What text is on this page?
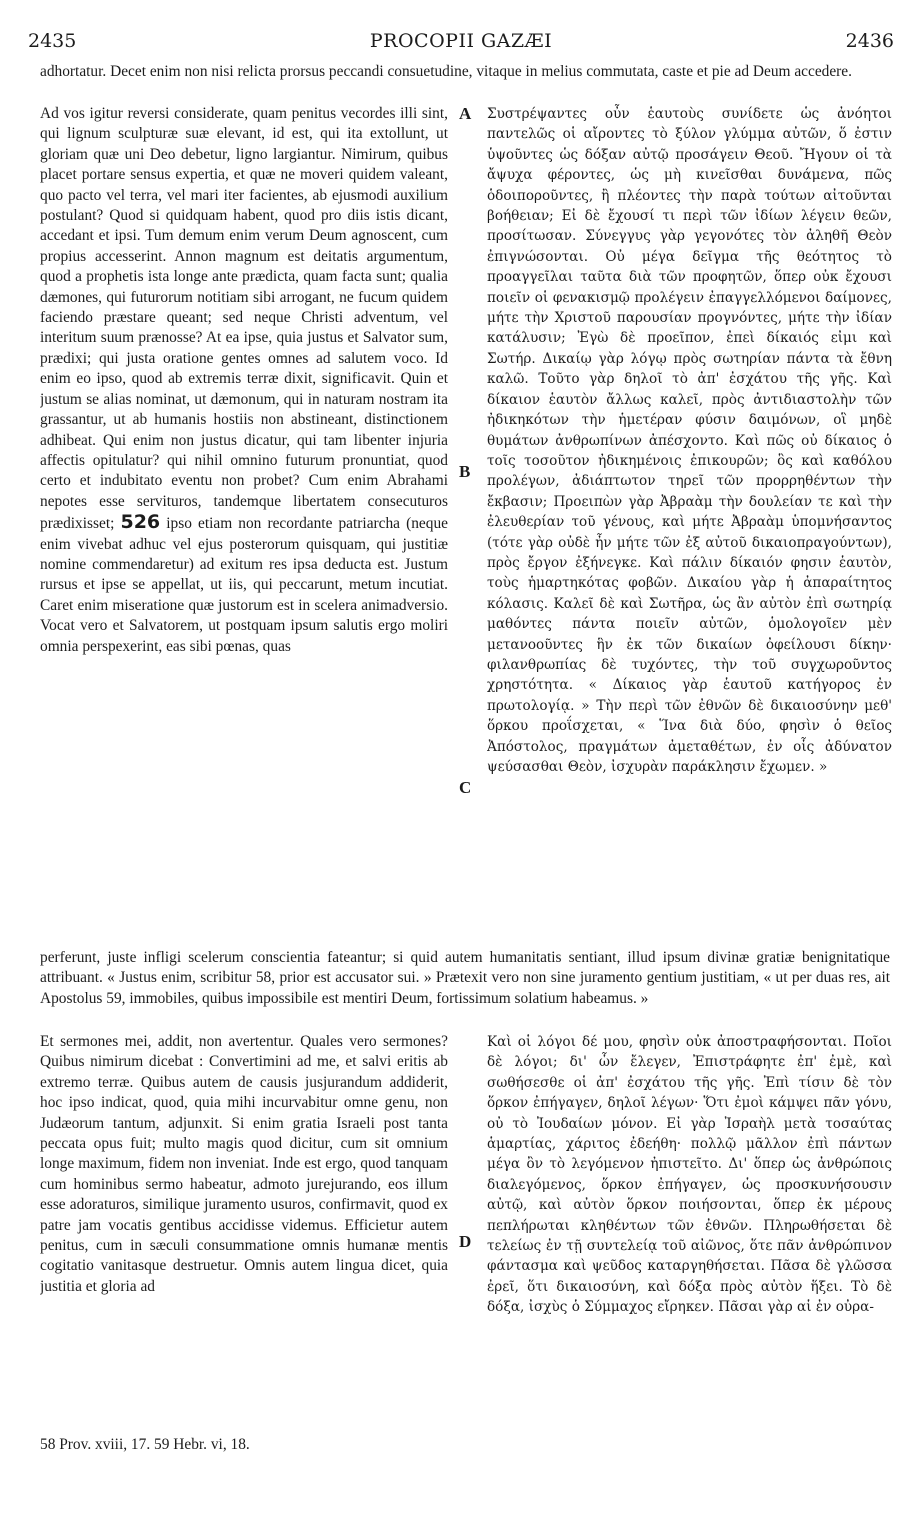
2435	PROCOPII GAZÆI	2436

adhortatur. Decet enim non nisi relicta prorsus peccandi consuetudine, vitaque in melius commutata, caste et pie ad Deum accedere.

Ad vos igitur reversi considerate, quam penitus vecordes illi sint, qui lignum sculpturæ suæ elevant, id est, qui ita extollunt, ut gloriam quæ uni Deo debetur, ligno largiantur. Nimirum, quibus placet portare sensus expertia, et quæ ne moveri quidem valeant, quo pacto vel terra, vel mari iter facientes, ab ejusmodi auxilium postulant? Quod si quidquam habent, quod pro diis istis dicant, accedant et ipsi. Tum demum enim verum Deum agnoscent, cum propius accesserint. Annon magnum est deitatis argumentum, quod a prophetis ista longe ante prædicta, quam facta sunt; qualia dæmones, qui futurorum notitiam sibi arrogant, ne fucum quidem faciendo præstare queant; sed neque Christi adventum, vel interitum suum prænosse? At ea ipse, quia justus et Salvator sum, prædixi; qui justa oratione gentes omnes ad salutem voco. Id enim eo ipso, quod ab extremis terræ dixit, significavit. Quin et justum se alias nominat, ut dæmonum, qui in naturam nostram ita grassantur, ut ab humanis hostiis non abstineant, distinctionem adhibeat. Qui enim non justus dicatur, qui tam libenter injuria affectis opitulatur? qui nihil omnino futurum pronuntiat, quod certo et indubitato eventu non probet? Cum enim Abrahami nepotes esse servituros, tandemque libertatem consecuturos prædixisset; 526 ipso etiam non recordante patriarcha (neque enim vivebat adhuc vel ejus posterorum quisquam, qui justitiæ nomine commendaretur) ad exitum res ipsa deducta est. Justum rursus et ipse se appellat, ut iis, qui peccarunt, metum incutiat. Caret enim miseratione quæ justorum est in scelera animadversio. Vocat vero et Salvatorem, ut postquam ipsum salutis ergo moliri omnia perspexerint, eas sibi pœnas, quas

A
B
C
D

Συστρέψαντες οὖν ἑαυτοὺς συνίδετε ὡς ἀνόητοι παντελῶς οἱ αἴροντες τὸ ξύλον γλύμμα αὐτῶν, ὅ ἐστιν ὑψοῦντες ὡς δόξαν αὐτῷ προσάγειν Θεοῦ. Ἤγουν οἱ τὰ ἄψυχα φέροντες, ὡς μὴ κινεῖσθαι δυνάμενα, πῶς ὁδοιποροῦντες, ἢ πλέοντες τὴν παρὰ τούτων αἰτοῦνται βοήθειαν; Εἰ δὲ ἔχουσί τι περὶ τῶν ἰδίων λέγειν θεῶν, προσίτωσαν. Σύνεγγυς γὰρ γεγονότες τὸν ἀληθῆ Θεὸν ἐπιγνώσονται. Οὐ μέγα δεῖγμα τῆς θεότητος τὸ προαγγεῖλαι ταῦτα διὰ τῶν προφητῶν, ὅπερ οὐκ ἔχουσι ποιεῖν οἱ φενακισμῷ προλέγειν ἐπαγγελλόμενοι δαίμονες, μήτε τὴν Χριστοῦ παρουσίαν προγνόντες, μήτε τὴν ἰδίαν κατάλυσιν; Ἐγὼ δὲ προεῖπον, ἐπεὶ δίκαιός εἰμι καὶ Σωτήρ. Δικαίῳ γὰρ λόγῳ πρὸς σωτηρίαν πάντα τὰ ἔθνη καλῶ. Τοῦτο γὰρ δηλοῖ τὸ ἀπ' ἐσχάτου τῆς γῆς. Καὶ δίκαιον ἑαυτὸν ἄλλως καλεῖ, πρὸς ἀντιδιαστολὴν τῶν ἠδικηκότων τὴν ἡμετέραν φύσιν δαιμόνων, οἳ μηδὲ θυμάτων ἀνθρωπίνων ἀπέσχοντο. Καὶ πῶς οὐ δίκαιος ὁ τοῖς τοσοῦτον ἠδικημένοις ἐπικουρῶν; ὃς καὶ καθόλου προλέγων, ἀδιάπτωτον τηρεῖ τῶν προρρηθέντων τὴν ἔκβασιν; Προειπὼν γὰρ Ἀβραὰμ τὴν δουλείαν τε καὶ τὴν ἐλευθερίαν τοῦ γένους, καὶ μήτε Ἀβραὰμ ὑπομνήσαντος (τότε γὰρ οὐδὲ ἦν μήτε τῶν ἐξ αὐτοῦ δικαιοπραγούντων), πρὸς ἔργον ἐξήνεγκε. Καὶ πάλιν δίκαιόν φησιν ἑαυτὸν, τοὺς ἡμαρτηκότας φοβῶν. Δικαίου γὰρ ἡ ἀπαραίτητος κόλασις. Καλεῖ δὲ καὶ Σωτῆρα, ὡς ἂν αὐτὸν ἐπὶ σωτηρίᾳ μαθόντες πάντα ποιεῖν αὐτῶν, ὁμολογοῖεν μὲν μετανοοῦντες ἣν ἐκ τῶν δικαίων ὀφείλουσι δίκην· φιλανθρωπίας δὲ τυχόντες, τὴν τοῦ συγχωροῦντος χρηστότητα. « Δίκαιος γὰρ ἑαυτοῦ κατήγορος ἐν πρωτολογίᾳ. » Τὴν περὶ τῶν ἐθνῶν δὲ δικαιοσύνην μεθ' ὅρκου προΐσχεται, « Ἵνα διὰ δύο, φησὶν ὁ θεῖος Ἀπόστολος, πραγμάτων ἀμεταθέτων, ἐν οἷς ἀδύνατον ψεύσασθαι Θεὸν, ἰσχυρὰν παράκλησιν ἔχωμεν. »

perferunt, juste infligi scelerum conscientia fateantur; si quid autem humanitatis sentiant, illud ipsum divinæ gratiæ benignitatique attribuant. « Justus enim, scribitur 58, prior est accusator sui. » Prætexit vero non sine juramento gentium justitiam, « ut per duas res, ait Apostolus 59, immobiles, quibus impossibile est mentiri Deum, fortissimum solatium habeamus. »

Et sermones mei, addit, non avertentur. Quales vero sermones? Quibus nimirum dicebat : Convertimini ad me, et salvi eritis ab extremo terræ. Quibus autem de causis jusjurandum addiderit, hoc ipso indicat, quod, quia mihi incurvabitur omne genu, non Judæorum tantum, adjunxit. Si enim gratia Israeli post tanta peccata opus fuit; multo magis quod dicitur, cum sit omnium longe maximum, fidem non inveniat. Inde est ergo, quod tanquam cum hominibus sermo habeatur, admoto jurejurando, eos illum esse adoraturos, similique juramento usuros, confirmavit, quod ex patre jam vocatis gentibus accidisse videmus. Efficietur autem penitus, cum in sæculi consummatione omnis humanæ mentis cogitatio vanitasque destruetur. Omnis autem lingua dicet, quia justitia et gloria ad

Καὶ οἱ λόγοι δέ μου, φησὶν οὐκ ἀποστραφήσονται. Ποῖοι δὲ λόγοι; δι' ὧν ἔλεγεν, Ἐπιστράφητε ἐπ' ἐμὲ, καὶ σωθήσεσθε οἱ ἀπ' ἐσχάτου τῆς γῆς. Ἐπὶ τίσιν δὲ τὸν ὅρκον ἐπήγαγεν, δηλοῖ λέγων· Ὅτι ἐμοὶ κάμψει πᾶν γόνυ, οὐ τὸ Ἰουδαίων μόνον. Εἰ γὰρ Ἰσραὴλ μετὰ τοσαύτας ἁμαρτίας, χάριτος ἐδεήθη· πολλῷ μᾶλλον ἐπὶ πάντων μέγα ὂν τὸ λεγόμενον ἠπιστεῖτο. Δι' ὅπερ ὡς ἀνθρώποις διαλεγόμενος, ὅρκον ἐπήγαγεν, ὡς προσκυνήσουσιν αὐτῷ, καὶ αὐτὸν ὅρκον ποιήσονται, ὅπερ ἐκ μέρους πεπλήρωται κληθέντων τῶν ἐθνῶν. Πληρωθήσεται δὲ τελείως ἐν τῇ συντελείᾳ τοῦ αἰῶνος, ὅτε πᾶν ἀνθρώπινον φάντασμα καὶ ψεῦδος καταργηθήσεται. Πᾶσα δὲ γλῶσσα ἐρεῖ, ὅτι δικαιοσύνη, καὶ δόξα πρὸς αὐτὸν ἥξει. Τὸ δὲ δόξα, ἰσχὺς ὁ Σύμμαχος εἴρηκεν. Πᾶσαι γὰρ αἱ ἐν οὐρα-

58 Prov. xviii, 17. 59 Hebr. vi, 18.
